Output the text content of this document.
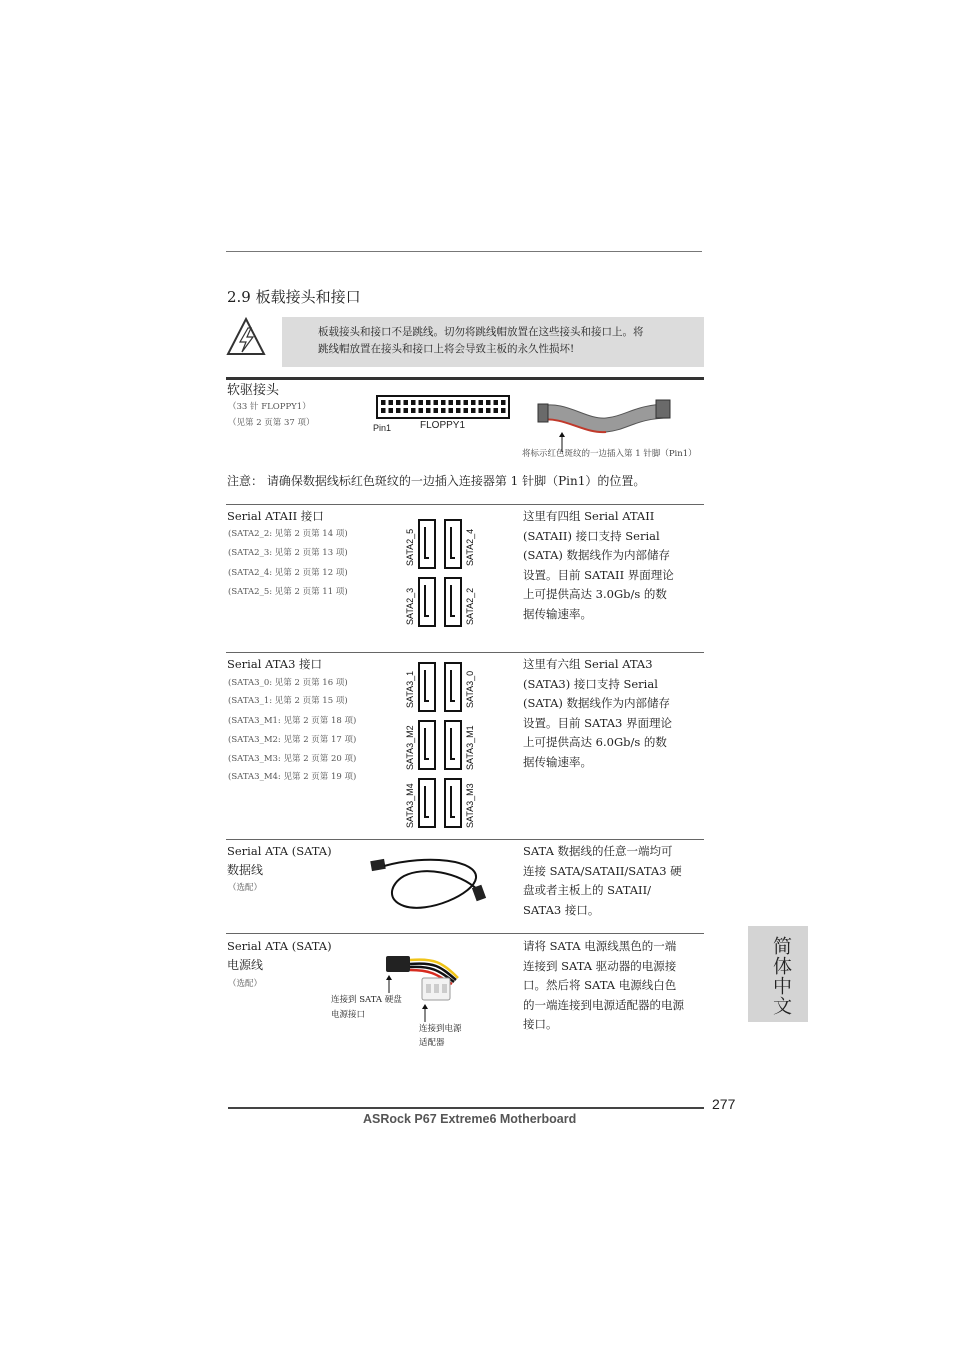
2.9 板载接头和接口
板载接头和接口不是跳线。切勿将跳线帽放置在这些接头和接口上。将
跳线帽放置在接头和接口上将会导致主板的永久性损坏!
软驱接头
（33 针 FLOPPY1）
（见第 2 页第 37 项）	Pin1	FLOPPY1
将标示红色斑纹的一边插入第 1 针脚（Pin1）
注意： 请确保数据线标红色斑纹的一边插入连接器第 1 针脚（Pin1）的位置。
Serial ATAII 接口
(SATA2_2: 见第 2 页第 14 项)
(SATA2_3: 见第 2 页第 13 项)
(SATA2_4: 见第 2 页第 12 项)
(SATA2_5: 见第 2 页第 11 项)
SATA2_5	SATA2_4
SATA2_3	SATA2_2
这里有四组 Serial ATAII
(SATAII) 接口支持 Serial
(SATA) 数据线作为内部储存
设置。目前 SATAII 界面理论
上可提供高达 3.0Gb/s 的数
据传输速率。
Serial ATA3 接口
(SATA3_0: 见第 2 页第 16 项)
(SATA3_1: 见第 2 页第 15 项)
(SATA3_M1: 见第 2 页第 18 项)
(SATA3_M2: 见第 2 页第 17 项)
(SATA3_M3: 见第 2 页第 20 项)
(SATA3_M4: 见第 2 页第 19 项)
SATA3_1	SATA3_0
SATA3_M2	SATA3_M1
SATA3_M4	SATA3_M3
这里有六组 Serial ATA3
(SATA3) 接口支持 Serial
(SATA) 数据线作为内部储存
设置。目前 SATA3 界面理论
上可提供高达 6.0Gb/s 的数
据传输速率。
Serial ATA (SATA)
数据线
（选配）
SATA 数据线的任意一端均可
连接 SATA/SATAII/SATA3 硬
盘或者主板上的 SATAII/
SATA3 接口。
Serial ATA (SATA)
电源线
（选配）
连接到 SATA 硬盘
电源接口
连接到电源
适配器
请将 SATA 电源线黑色的一端
连接到 SATA 驱动器的电源接
口。然后将 SATA 电源线白色
的一端连接到电源适配器的电源
接口。
简体中文
277
ASRock P67 Extreme6 Motherboard
